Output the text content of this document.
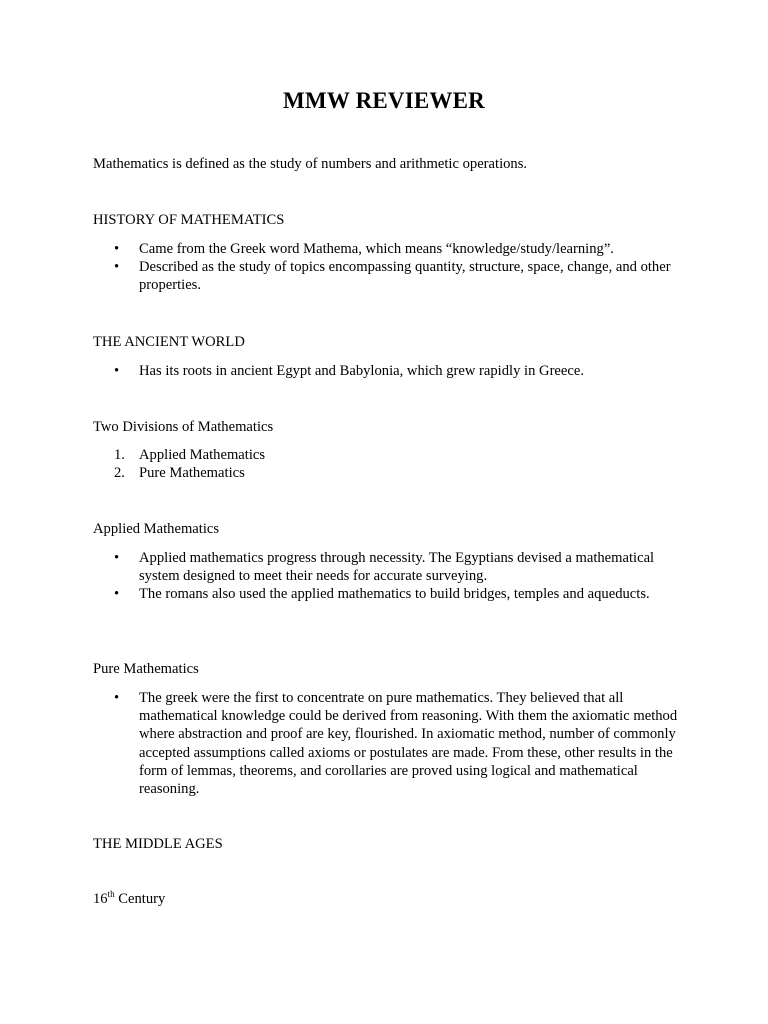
MMW REVIEWER
Mathematics is defined as the study of numbers and arithmetic operations.
HISTORY OF MATHEMATICS
• Came from the Greek word Mathema, which means “knowledge/study/learning”.
• Described as the study of topics encompassing quantity, structure, space, change, and other properties.
THE ANCIENT WORLD
• Has its roots in ancient Egypt and Babylonia, which grew rapidly in Greece.
Two Divisions of Mathematics
1. Applied Mathematics
2. Pure Mathematics
Applied Mathematics
• Applied mathematics progress through necessity. The Egyptians devised a mathematical system designed to meet their needs for accurate surveying.
• The romans also used the applied mathematics to build bridges, temples and aqueducts.
Pure Mathematics
• The greek were the first to concentrate on pure mathematics. They believed that all mathematical knowledge could be derived from reasoning. With them the axiomatic method where abstraction and proof are key, flourished. In axiomatic method, number of commonly accepted assumptions called axioms or postulates are made. From these, other results in the form of lemmas, theorems, and corollaries are proved using logical and mathematical reasoning.
THE MIDDLE AGES
16th Century
